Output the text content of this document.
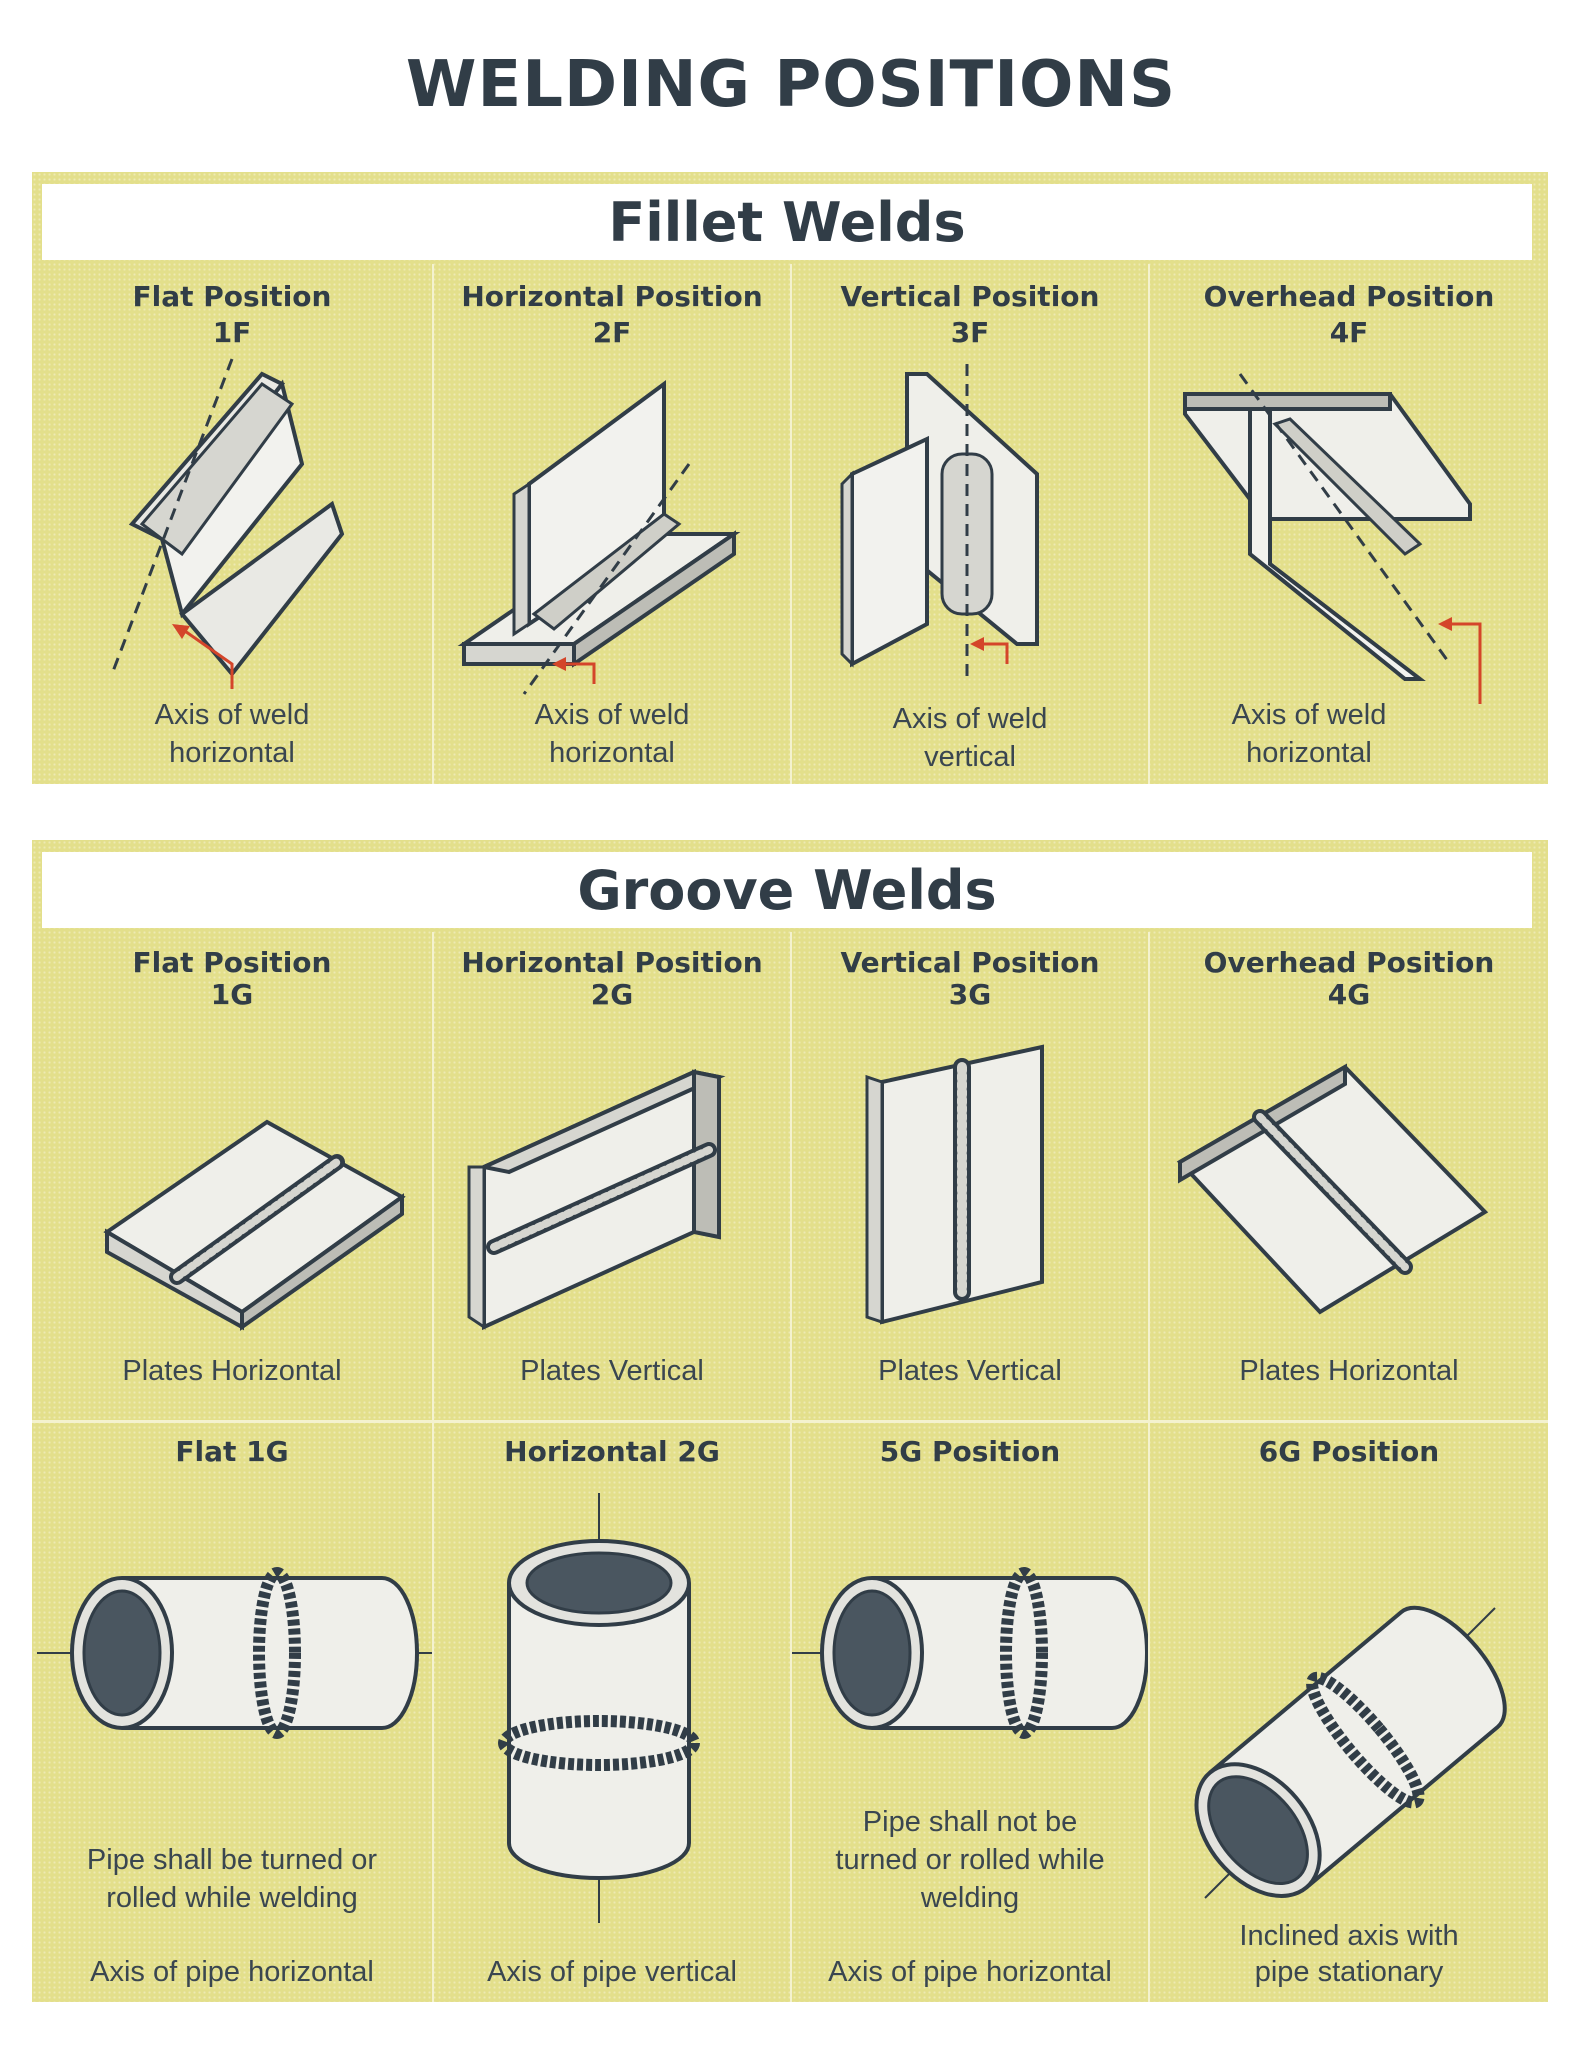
WELDING POSITIONS
Fillet Welds
Flat Position
1F
Axis of weld
horizontal
Horizontal Position
2F
Axis of weld
horizontal
Vertical Position
3F
Axis of weld
vertical
Overhead Position
4F
Axis of weld
horizontal
Groove Welds
Flat Position
1G
Plates Horizontal
Horizontal Position
2G
Plates Vertical
Vertical Position
3G
Plates Vertical
Overhead Position
4G
Plates Horizontal
Flat 1G
Pipe shall be turned or
rolled while welding
Axis of pipe horizontal
Horizontal 2G
Axis of pipe vertical
5G Position
Pipe shall not be
turned or rolled while
welding
Axis of pipe horizontal
6G Position
Inclined axis with
pipe stationary
